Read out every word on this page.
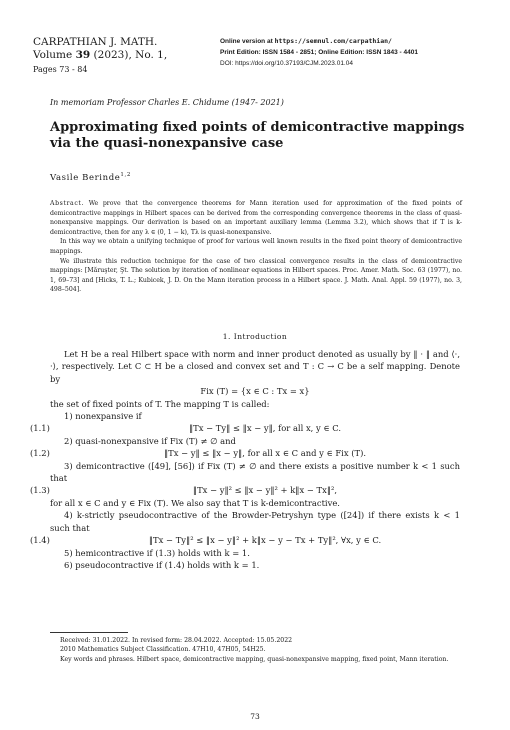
CARPATHIAN J. MATH.
Volume 39 (2023), No. 1,
Pages 73 - 84
Online version at https://semnul.com/carpathian/
Print Edition: ISSN 1584 - 2851; Online Edition: ISSN 1843 - 4401
DOI: https://doi.org/10.37193/CJM.2023.01.04
In memoriam Professor Charles E. Chidume (1947- 2021)
Approximating fixed points of demicontractive mappings via the quasi-nonexpansive case
Vasile Berinde$^{1,2}$

Abstract. We prove that the convergence theorems for Mann iteration used for approximation of the fixed points of demicontractive mappings in Hilbert spaces can be derived from the corresponding convergence theorems in the class of quasi-nonexpansive mappings. Our derivation is based on an important auxiliary lemma (Lemma 3.2), which shows that if T is k-demicontractive, then for any λ ∈ (0, 1 − k), Tλ is quasi-nonexpansive.

In this way we obtain a unifying technique of proof for various well known results in the fixed point theory of demicontractive mappings.

We illustrate this reduction technique for the case of two classical convergence results in the class of demicontractive mappings: [Măruşter, Şt. The solution by iteration of nonlinear equations in Hilbert spaces. Proc. Amer. Math. Soc. 63 (1977), no. 1, 69–73] and [Hicks, T. L.; Kubicek, J. D. On the Mann iteration process in a Hilbert space. J. Math. Anal. Appl. 59 (1977), no. 3, 498–504].

1. Introduction

Let H be a real Hilbert space with norm and inner product denoted as usually by ‖ · ‖ and ⟨·, ·⟩, respectively. Let C ⊂ H be a closed and convex set and T : C → C be a self mapping. Denote by

Fix (T) = {x ∈ C : Tx = x}

the set of fixed points of T. The mapping T is called:

1) nonexpansive if

(1.1)	‖Tx − Ty‖ ≤ ‖x − y‖, for all x, y ∈ C.

2) quasi-nonexpansive if Fix (T) ≠ ∅ and

(1.2)	‖Tx − y‖ ≤ ‖x − y‖, for all x ∈ C and y ∈ Fix (T).

3) demicontractive ([49], [56]) if Fix (T) ≠ ∅ and there exists a positive number k < 1 such that

(1.3)	‖Tx − y‖² ≤ ‖x − y‖² + k‖x − Tx‖²,

for all x ∈ C and y ∈ Fix (T). We also say that T is k-demicontractive.

4) k-strictly pseudocontractive of the Browder-Petryshyn type ([24]) if there exists k < 1 such that

(1.4)	‖Tx − Ty‖² ≤ ‖x − y‖² + k‖x − y − Tx + Ty‖², ∀x, y ∈ C.

5) hemicontractive if (1.3) holds with k = 1.

6) pseudocontractive if (1.4) holds with k = 1.

Received: 31.01.2022. In revised form: 28.04.2022. Accepted: 15.05.2022

2010 Mathematics Subject Classification. 47H10, 47H05, 54H25.

Key words and phrases. Hilbert space, demicontractive mapping, quasi-nonexpansive mapping, fixed point, Mann iteration.

73
